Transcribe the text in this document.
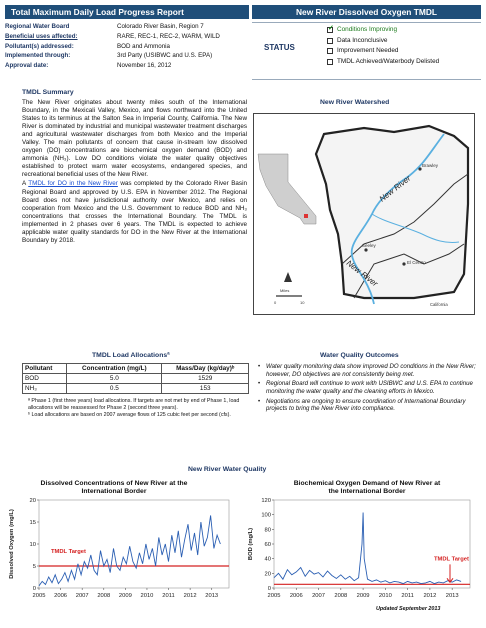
Total Maximum Daily Load Progress Report	New River Dissolved Oxygen TMDL
Regional Water Board	Colorado River Basin, Region 7
Beneficial uses affected:	RARE, REC-1, REC-2, WARM, WILD
Pollutant(s) addressed:	BOD and Ammonia
Implemented through:	3rd Party (USIBWC and U.S. EPA)
Approval date:	November 16, 2012
STATUS
✓
Conditions Improving
Data Inconclusive
Improvement Needed
TMDL Achieved/Waterbody Delisted
TMDL Summary

The New River originates about twenty miles south of the International Boundary, in the Mexicali Valley, Mexico, and flows northward into the United States to its terminus at the Salton Sea in Imperial County, California. The New River is dominated by industrial and municipal wastewater treatment discharges and agricultural wastewater discharges from both Mexico and the Imperial Valley. The main pollutants of concern that cause in-stream low dissolved oxygen (DO) concentrations are biochemical oxygen demand (BOD) and ammonia (NH₃). Low DO conditions violate the water quality objectives established to protect warm water ecosystems, endangered species, and recreational beneficial uses of the New River.

A TMDL for DO in the New River was completed by the Colorado River Basin Regional Board and approved by U.S. EPA in November 2012. The Regional Board does not have jurisdictional authority over Mexico, and relies on cooperation from Mexico and the U.S. Government to reduce BOD and NH₃ concentrations that crosses the International Boundary. The TMDL is implemented in 2 phases over 6 years. The TMDL is expected to achieve applicable water quality standards for DO in the New River at the International Boundary by 2018.

New River Watershed
New River
New River
Brawley
Seeley
El Centro
California
0	10
Miles
TMDL Load Allocationsª
Pollutant	Concentration (mg/L)	Mass/Day (kg/day)ᵇ
BOD	5.0	1529
NH₃	0.5	153

ª Phase 1 (first three years) load allocations. If targets are not met by end of Phase 1, load allocations will be reassessed for Phase 2 (second three years).

ᵇ Load allocations are based on 2007 average flows of 125 cubic feet per second (cfs).

Water Quality Outcomes
• Water quality monitoring data show improved DO conditions in the New River; however, DO objectives are not consistently being met.
• Regional Board will continue to work with USIBWC and U.S. EPA to continue monitoring the water quality and the cleaning efforts in Mexico.
• Negotiations are ongoing to ensure coordination of International Boundary projects to bring the New River into compliance.
New River Water Quality
Dissolved Concentrations of New River at the International Border
0
5
10
15
20
2005 2006 2007 2008 2009 2010 2011 2012 2013
Dissolved Oxygen (mg/L)	TMDL Target
Biochemical Oxygen Demand of New River at the International Border
0
20
40
60
80
100
120
2005 2006 2007 2008 2009 2010 2011 2012 2013
BOD (mg/L)	TMDL Target
Updated September 2013
